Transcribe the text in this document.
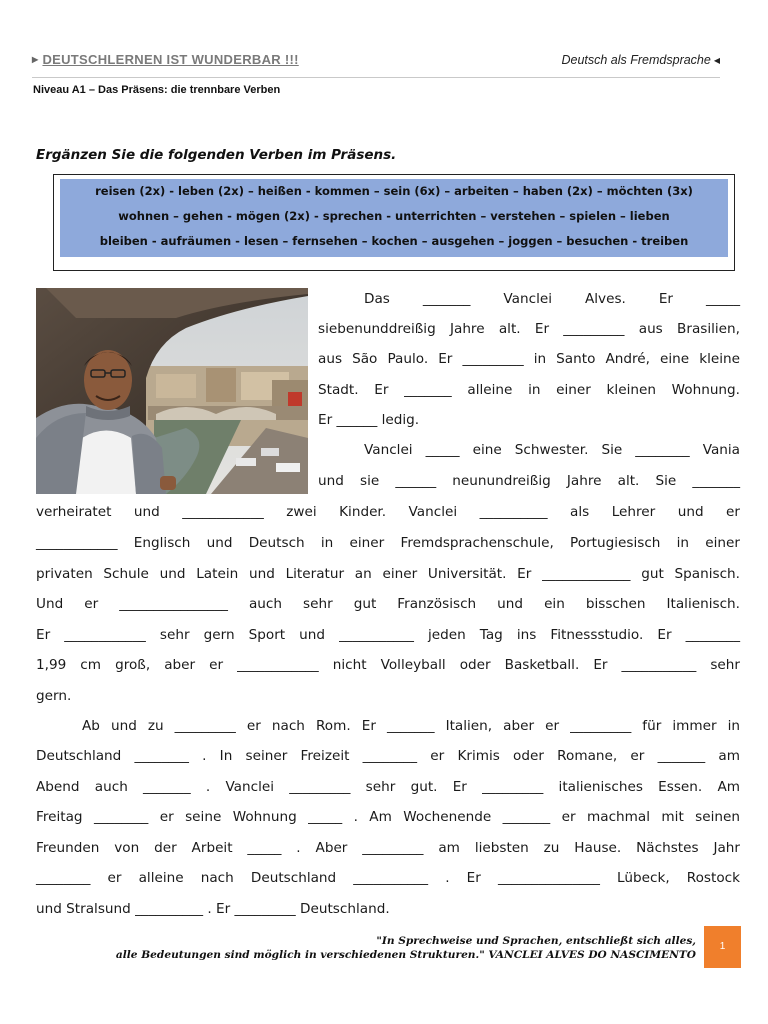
▶ DEUTSCHLERNEN IST WUNDERBAR !!!	Deutsch als Fremdsprache ◀
Niveau A1 – Das Präsens: die trennbare Verben
Ergänzen Sie die folgenden Verben im Präsens.
reisen (2x) - leben (2x) – heißen - kommen – sein (6x) – arbeiten – haben (2x) – möchten (3x)
wohnen – gehen - mögen (2x) - sprechen - unterrichten – verstehen – spielen – lieben
bleiben - aufräumen - lesen – fernsehen – kochen – ausgehen – joggen – besuchen - treiben
Das _______ Vanclei Alves. Er _____
siebenunddreißig Jahre alt. Er _________ aus Brasilien,
aus São Paulo. Er _________ in Santo André, eine kleine
Stadt. Er _______ alleine in einer kleinen Wohnung.
Er ______ ledig.
Vanclei _____ eine Schwester. Sie ________ Vania
und sie ______ neunundreißig Jahre alt. Sie _______
verheiratet und ____________ zwei Kinder. Vanclei __________ als Lehrer und er
____________ Englisch und Deutsch in einer Fremdsprachenschule, Portugiesisch in einer
privaten Schule und Latein und Literatur an einer Universität. Er _____________ gut Spanisch.
Und er ________________ auch sehr gut Französisch und ein bisschen Italienisch.
Er ____________ sehr gern Sport und ___________ jeden Tag ins Fitnessstudio. Er ________
1,99 cm groß, aber er ____________ nicht Volleyball oder Basketball. Er ___________ sehr
gern.
Ab und zu _________ er nach Rom. Er _______ Italien, aber er _________ für immer in
Deutschland ________ . In seiner Freizeit ________ er Krimis oder Romane, er _______ am
Abend auch _______ . Vanclei _________ sehr gut. Er _________ italienisches Essen. Am
Freitag ________ er seine Wohnung _____ . Am Wochenende _______ er machmal mit seinen
Freunden von der Arbeit _____ . Aber _________ am liebsten zu Hause. Nächstes Jahr
________ er alleine nach Deutschland ___________ . Er _______________ Lübeck, Rostock
und Stralsund __________ . Er _________ Deutschland.
"In Sprechweise und Sprachen, entschließt sich alles,
alle Bedeutungen sind möglich in verschiedenen Strukturen." VANCLEI ALVES DO NASCIMENTO
1
